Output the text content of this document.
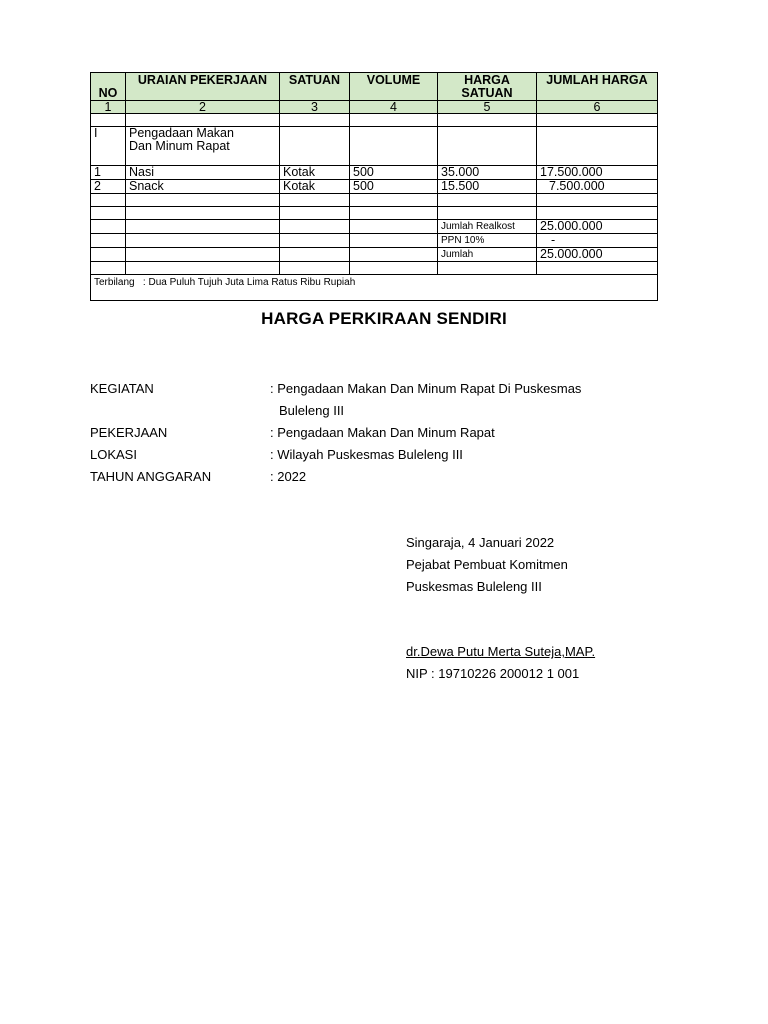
NO	URAIAN PEKERJAAN	SATUAN	VOLUME	HARGA SATUAN	JUMLAH HARGA
1	2	3	4	5	6

I	Pengadaan Makan
Dan Minum Rapat				

1	Nasi	Kotak	500	35.000	17.500.000
2	Snack	Kotak	500	15.500	7.500.000

				Jumlah Realkost	25.000.000
				PPN 10%	-
				Jumlah	25.000.000

Terbilang   : Dua Puluh Tujuh Juta Lima Ratus Ribu Rupiah					
HARGA PERKIRAAN SENDIRI
KEGIATAN	: Pengadaan Makan Dan Minum Rapat Di Puskesmas
Buleleng III
PEKERJAAN	: Pengadaan Makan Dan Minum Rapat
LOKASI	: Wilayah Puskesmas Buleleng III
TAHUN ANGGARAN	: 2022
Singaraja, 4 Januari 2022
Pejabat Pembuat Komitmen
Puskesmas Buleleng III
dr.Dewa Putu Merta Suteja,MAP.
NIP : 19710226 200012 1 001
